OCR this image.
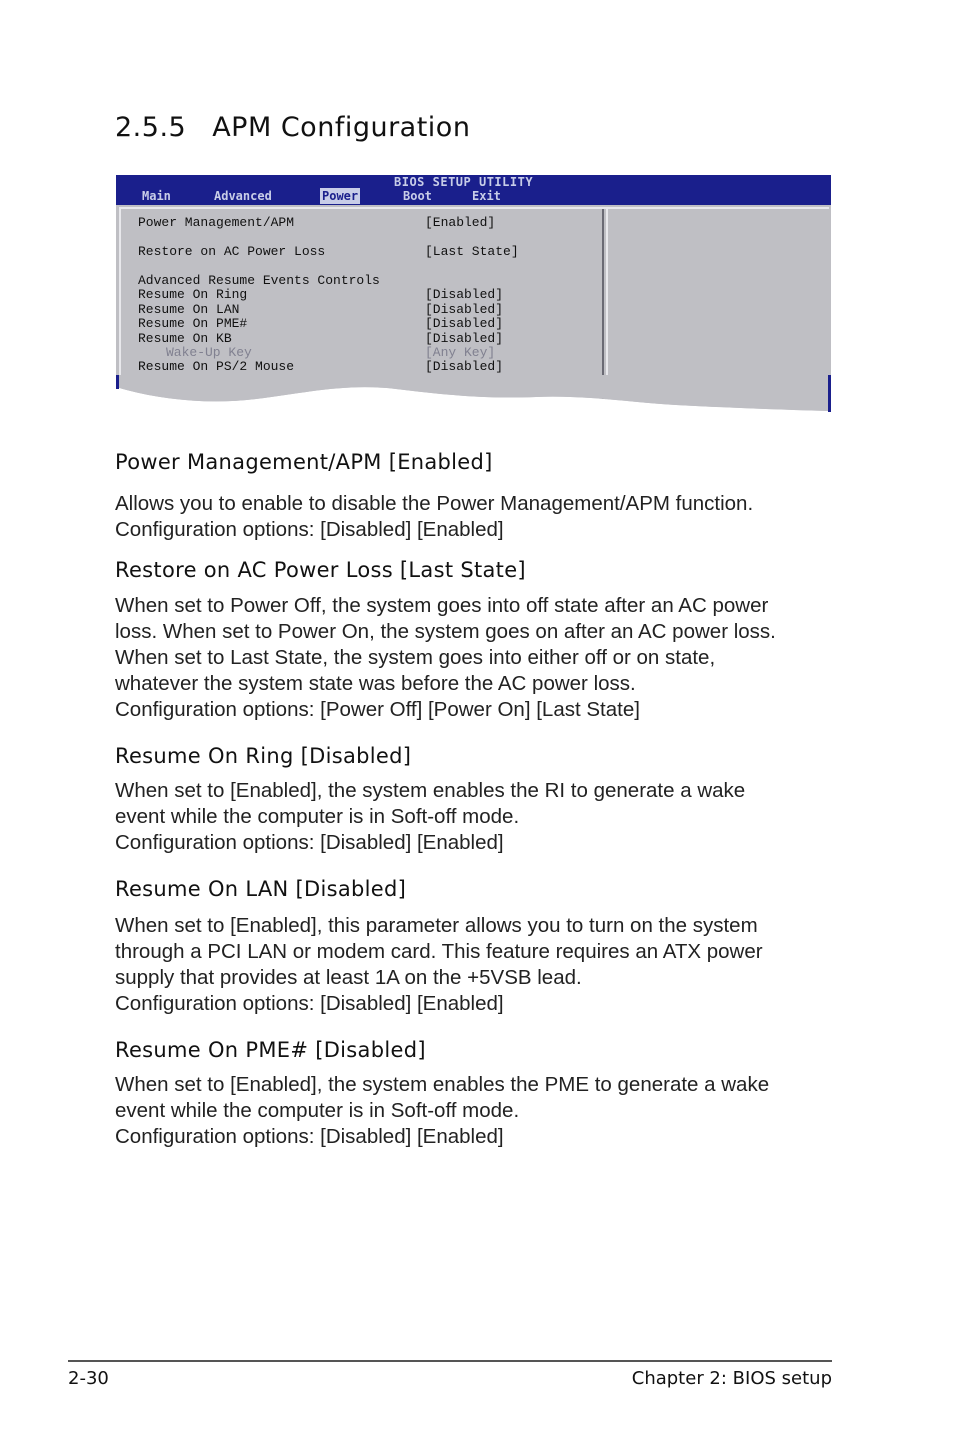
2.5.5 APM Configuration
BIOS SETUP UTILITY
Main	Advanced	Power	Boot	Exit
Power Management/APM	[Enabled]
Restore on AC Power Loss	[Last State]
Advanced Resume Events Controls
Resume On Ring	[Disabled]
Resume On LAN	[Disabled]
Resume On PME#	[Disabled]
Resume On KB	[Disabled]
Wake-Up Key	[Any Key]
Resume On PS/2 Mouse	[Disabled]
Power Management/APM [Enabled]
Allows you to enable to disable the Power Management/APM function.
Configuration options: [Disabled] [Enabled]
Restore on AC Power Loss [Last State]
When set to Power Off, the system goes into off state after an AC power
loss. When set to Power On, the system goes on after an AC power loss.
When set to Last State, the system goes into either off or on state,
whatever the system state was before the AC power loss.
Configuration options: [Power Off] [Power On] [Last State]
Resume On Ring [Disabled]
When set to [Enabled], the system enables the RI to generate a wake
event while the computer is in Soft-off mode.
Configuration options: [Disabled] [Enabled]
Resume On LAN [Disabled]
When set to [Enabled], this parameter allows you to turn on the system
through a PCI LAN or modem card. This feature requires an ATX power
supply that provides at least 1A on the +5VSB lead.
Configuration options: [Disabled] [Enabled]
Resume On PME# [Disabled]
When set to [Enabled], the system enables the PME to generate a wake
event while the computer is in Soft-off mode.
Configuration options: [Disabled] [Enabled]
2-30	Chapter 2: BIOS setup
